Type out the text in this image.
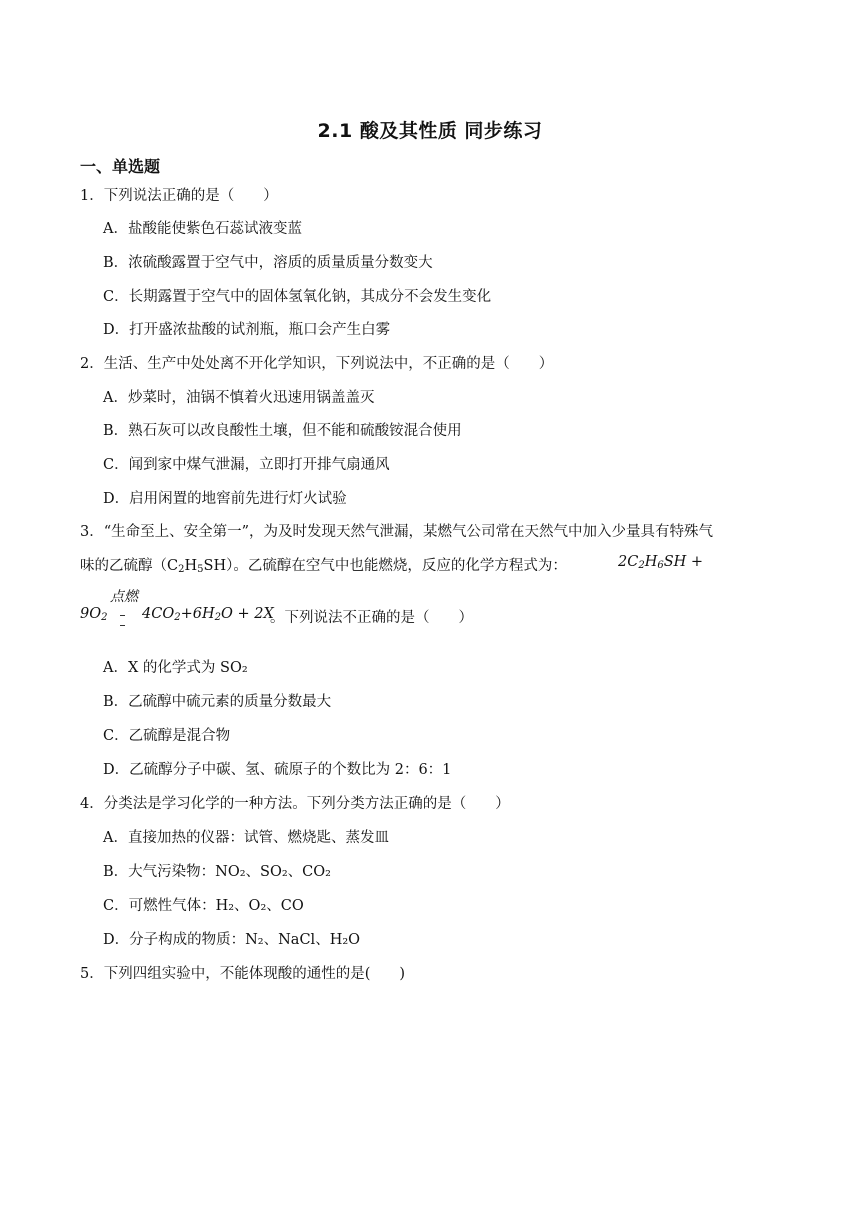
2.1 酸及其性质 同步练习
一、单选题
1．下列说法正确的是（　　）
A．盐酸能使紫色石蕊试液变蓝
B．浓硫酸露置于空气中，溶质的质量质量分数变大
C．长期露置于空气中的固体氢氧化钠，其成分不会发生变化
D．打开盛浓盐酸的试剂瓶，瓶口会产生白雾
2．生活、生产中处处离不开化学知识，下列说法中，不正确的是（　　）
A．炒菜时，油锅不慎着火迅速用锅盖盖灭
B．熟石灰可以改良酸性土壤，但不能和硫酸铵混合使用
C．闻到家中煤气泄漏，立即打开排气扇通风
D．启用闲置的地窖前先进行灯火试验
3．“生命至上、安全第一”，为及时发现天然气泄漏，某燃气公司常在天然气中加入少量具有特殊气
味的乙硫醇$(C_2H_5SH)$。乙硫醇在空气中也能燃烧，反应的化学方程式为：	$2C_2H_6SH$ +
点燃
$9O_2$ $4CO_2+6H_2O + 2X$
。下列说法不正确的是（　　）
A．X 的化学式为 SO₂
B．乙硫醇中硫元素的质量分数最大
C．乙硫醇是混合物
D．乙硫醇分子中碳、氢、硫原子的个数比为 2：6：1
4．分类法是学习化学的一种方法。下列分类方法正确的是（　　）
A．直接加热的仪器：试管、燃烧匙、蒸发皿
B．大气污染物：NO₂、SO₂、CO₂
C．可燃性气体：H₂、O₂、CO
D．分子构成的物质：N₂、NaCl、H₂O
5．下列四组实验中，不能体现酸的通性的是(　　)
